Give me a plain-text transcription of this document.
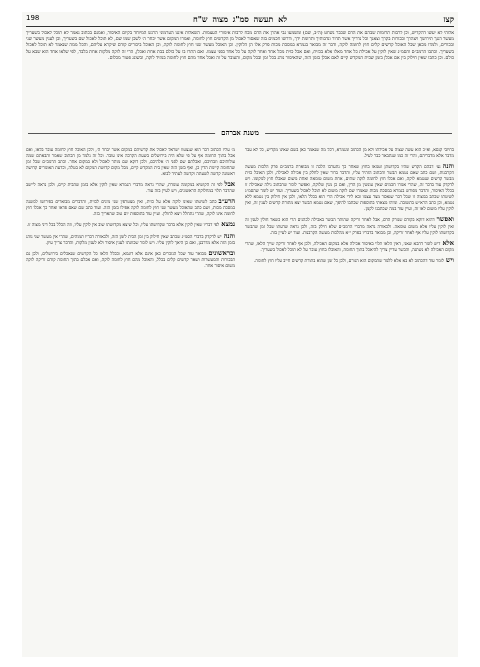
קצז
לא תעשה סמ"ג מצוה ש"ח
198
אלוהי לא יעשו דהקדיש, וכן לרבות תרומות שבהם את הדם שכבר נשחט (ה״ב, שם) ומשמעו גבי אהרן את הדם מכח לרבות אימורי העצמות. השאלות איננו הערמוני הרגש המיוחד בקיום האיסור, ואמנם בכתוב נאמר לא תוכל לאכול בשעריך מעשר דגנך תירושך ויצהרך ובכורות בקרך וצאנך וכל נדריך אשר תדור ונדבותיך ותרומת ידך, ודרשו חכמים בזה שאסור לאכול מן הקדשים חוץ לחומה, ואמרו המקום אשר יבחר ה׳ לשכן שמו שם, לא תוכל לאכול שם בשעריך, וכן לענין מעשר שני ובכורים, ולמדו מכאן שכל האוכל קדשים קלים חוץ לחומה לוקה, ודבר זה מבואר בגמרא במסכת מכות פרק אלו הן הלוקין. וכן האוכל מעשר שני חוץ לחומה לוקה, וכן האוכל ביכורים קודם שיקרא עליהם, והכל ממה שנאמר לא תוכל לאכול בשעריך. וכתבו הרמב״ם והסמ״ג שאין לוקין על אכילת כל אחד מאלו אלא בכזית, ואם אכל כזית מכל אחד ואחד לוקה על כל אחד בפני עצמו. ואם התרו בו על כולם בבת אחת ואכלן, הרי זה לוקה מלקות אחת בלבד, לפי שלאו אחד הוא שבא על כולם. וכן כתבו שאין חילוק בין אם אכלן בזמן שבית המקדש קיים לאם אכלן בזמן הזה, שהאיסור נוהג בכל זמן ובכל מקום, והעובר על זה ואכל אחד מהם חוץ לחומה במזיד לוקה, ובשוגג פטור מכלום.
משנת אברהם

בחיובי קנסא, וא״כ הוא עשה שצוה על אכילתו ולא מן הכתוב ומגמרא, דכל מה שנאמר כאן בשם שאינו מקדיש, כל לא עבר מדבר אלא מדבריהם, והרי זה כמו שנתבאר כבר לעיל.

והנהנצ׳ דבהם הקדש שהיו בקדושתן וטמאו בחוץ שאחר כך נתערבו הלכה זו מבוארת ברמב״ם פרק הלכות מעשה הקרבנות, ושם כתב שאם נטמא הבשר והכתוב הזהיר עליו, והדבר ברור שאין לחלק בין אכילה לאכילה, ולכן האוכל כזית מבשר קדשים שנטמא לוקה, ואם אכלו חוץ לחומה לוקה שתים, אחת משום טומאה ואחת משום שאכלו חוץ למקומו. ויש לדקדק עוד בדבר זה, שהרי אמרו חכמים שאין עונשין מן הדין, ואם כן מנין שלוקה, ואפשר לומר שהכתוב גילה שאכילה זו בכלל האיסור, והדבר מפורש בגמרא במסכת מכות שאמרו שם לוקה משום לא תוכל לאכול בשעריך. ועוד יש לומר שהסמ״ג לשיטתו שכתב במצוה זו שכל דבר שנאסר מצד עצמו ובא לידי אכילה הרי הוא בכלל הלאו, ולכן אין חילוק בין נטמא ללא נטמא, וכן כתב הרא״ש בתשובה. ומיהו מצאתי בתוספות שכתבו להיפך, שאם נטמא הבשר יצא מתורת קדשים לענין זה, ואין לוקין עליו משום לאו זה, ועיין עוד במה שכתבנו לקמן.

ואפשרדהוא דוקא בקודם שנזרק הדם, אבל לאחר זריקה שהותר הבשר באכילה לכהנים הרי הוא כשאר חולין לענין זה ואין לוקין עליו אלא משום טומאה. ולכאורה נראה מדברי הרמב״ם שלא חילק בזה, ולכן נראה שדעתו שכל זמן שהבשר בקדושתו לוקין עליו אף לאחר זריקה, וכן מבואר בדבריו בפרק י״א מהלכות מעשה הקרבנות. ועוד יש לעיין בזה.

אלאדיש לומר דהכא שאני, דאין הלאו תלוי באיסור אכילה אלא במקום האכילה, ולכן אף לאחר זריקה שייך הלאו, שהרי מקום האכילה לא נשתנה, והבשר עדיין צריך להיאכל בתוך החומה, והאוכלו בחוץ עובר על לא תוכל לאכול בשעריך.

וישלומר עוד דהכתוב לא בא אלא ללמד שהמקום הוא הגורם, ולכן כל זמן שהוא בתורת קדשים חייב עליו חוץ לחומה.

מ׳ עליו הכתוב דבר הוא שנצטוו ישראל לאכול את קדשיהם במקום אשר יבחר ה׳, ולכן האוכל חוץ לחומה עובר בלאו, ואם אכל בתוך החומה אף על פי שלא היה בירושלים בשעת הקרבה אינו עובר. וכל זה נלמד מן הכתוב שאמר והבאתם שמה עולותיכם וזבחיכם, ואכלתם שם לפני ה׳ אלהיכם, ולכן דוקא שם מותר לאכול ולא במקום אחר. וכתב הרמב״ם שכל זמן שהחומה קיימת הדין כן, ואף בזמן הזה שאין בית המקדש קיים, מכל מקום קדושת המקום לא בטלה, וכדעת האומרים קדושה ראשונה קדשה לשעתה וקדשה לעתיד לבוא.

אבללפי זה הקושיא במקומה עומדת, שהרי נראה מדברי הגמרא שאין לוקין אלא בזמן שהבית קיים, ולכן נראה ליישב שהדבר תלוי במחלוקת הראשונים, ויש לעיין בזה עוד.

הרע״בכתב לשיטתו שאינו לוקה אלא על כזית, ואין מצטרפין שני מינים לכזית, והדברים מבוארים בפירושו למשנה במסכת מכות, ושם כתב שהאוכל מעשר שני חוץ לחומה לוקה אפילו בזמן הזה. ועוד כתב שם שאם פדאו ואחר כך אכלו חוץ לחומה אינו לוקה, שהרי נתחלל ויצא לחולין. ועיין עוד בתוספות יום טוב שהאריך בזה.

נמצאלפי דבריו שאין לוקין אלא בדבר שקדושתו עליו, וכל שיצא מקדושתו שוב אין לוקין עליו, וזה הכלל בכל דיני מצוה זו.

והנהיש לדקדק בדברי הסמ״ג שכתב שאין חילוק בין זמן הבית לזמן הזה, ולכאורה דבריו תמוהים, שהרי אין מעשר שני נוהג בזמן הזה אלא מדרבנן, ואם כן היאך לוקין עליו. ויש לומר שכוונתו לענין איסור ולא לענין מלקות, והדבר צריך עיון.

ובראשוניםמבואר עוד שכל הנזכרים כאן אינם אלא דוגמא, ובכלל הלאו כל הקדשים שנאכלים בירושלים, ולכן גם הבכורות והמעשרות ושאר קדשים קלים בכלל, והאוכל מהם חוץ לחומה לוקה, ואם אכלם בתוך החומה קודם זריקה לוקה משום איסור אחר.
